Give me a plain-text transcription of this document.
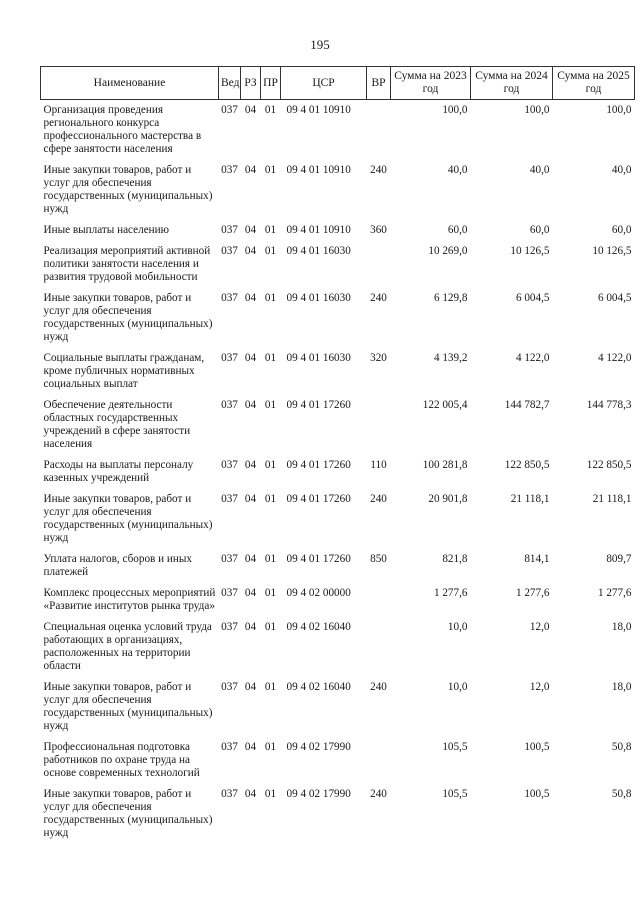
195
Наименование	Вед	РЗ	ПР	ЦСР	ВР	Сумма на 2023 год	Сумма на 2024 год	Сумма на 2025 год
Организация проведения регионального конкурса профессионального мастерства в сфере занятости населения	037	04	01	09 4 01 10910		100,0	100,0	100,0
Иные закупки товаров, работ и услуг для обеспечения государственных (муниципальных) нужд	037	04	01	09 4 01 10910	240	40,0	40,0	40,0
Иные выплаты населению	037	04	01	09 4 01 10910	360	60,0	60,0	60,0
Реализация мероприятий активной политики занятости населения и развития трудовой мобильности	037	04	01	09 4 01 16030		10 269,0	10 126,5	10 126,5
Иные закупки товаров, работ и услуг для обеспечения государственных (муниципальных) нужд	037	04	01	09 4 01 16030	240	6 129,8	6 004,5	6 004,5
Социальные выплаты гражданам, кроме публичных нормативных социальных выплат	037	04	01	09 4 01 16030	320	4 139,2	4 122,0	4 122,0
Обеспечение деятельности областных государственных учреждений в сфере занятости населения	037	04	01	09 4 01 17260		122 005,4	144 782,7	144 778,3
Расходы на выплаты персоналу казенных учреждений	037	04	01	09 4 01 17260	110	100 281,8	122 850,5	122 850,5
Иные закупки товаров, работ и услуг для обеспечения государственных (муниципальных) нужд	037	04	01	09 4 01 17260	240	20 901,8	21 118,1	21 118,1
Уплата налогов, сборов и иных платежей	037	04	01	09 4 01 17260	850	821,8	814,1	809,7
Комплекс процессных мероприятий «Развитие институтов рынка труда»	037	04	01	09 4 02 00000		1 277,6	1 277,6	1 277,6
Специальная оценка условий труда работающих в организациях, расположенных на территории области	037	04	01	09 4 02 16040		10,0	12,0	18,0
Иные закупки товаров, работ и услуг для обеспечения государственных (муниципальных) нужд	037	04	01	09 4 02 16040	240	10,0	12,0	18,0
Профессиональная подготовка работников по охране труда на основе современных технологий	037	04	01	09 4 02 17990		105,5	100,5	50,8
Иные закупки товаров, работ и услуг для обеспечения государственных (муниципальных) нужд	037	04	01	09 4 02 17990	240	105,5	100,5	50,8
